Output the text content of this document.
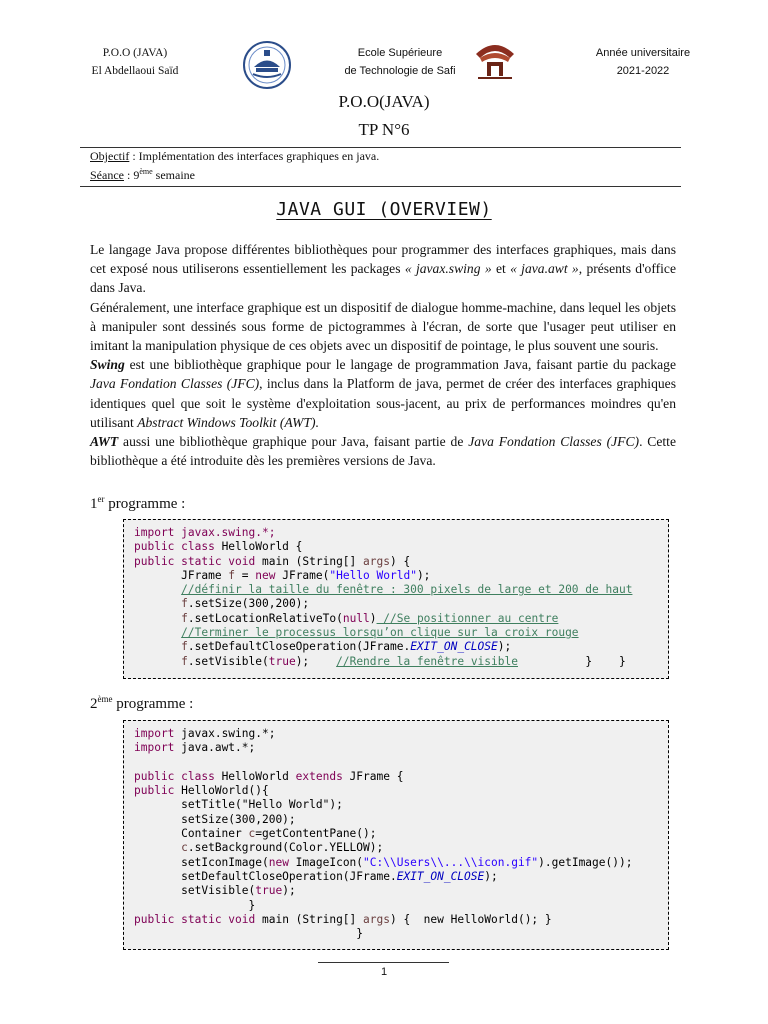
P.O.O (JAVA)
El Abdellaoui Saïd
Ecole Supérieure
de Technologie de Safi
Année universitaire
2021-2022
P.O.O(JAVA)
TP N°6
Objectif : Implémentation des interfaces graphiques en java.
Séance : 9ème semaine
JAVA GUI (OVERVIEW)

Le langage Java propose différentes bibliothèques pour programmer des interfaces graphiques, mais dans cet exposé nous utiliserons essentiellement les packages « javax.swing » et « java.awt », présents d'office dans Java.

Généralement, une interface graphique est un dispositif de dialogue homme-machine, dans lequel les objets à manipuler sont dessinés sous forme de pictogrammes à l'écran, de sorte que l'usager peut utiliser en imitant la manipulation physique de ces objets avec un dispositif de pointage, le plus souvent une souris.

Swing est une bibliothèque graphique pour le langage de programmation Java, faisant partie du package Java Fondation Classes (JFC), inclus dans la Platform de java, permet de créer des interfaces graphiques identiques quel que soit le système d'exploitation sous-jacent, au prix de performances moindres qu'en utilisant Abstract Windows Toolkit (AWT).

AWT aussi une bibliothèque graphique pour Java, faisant partie de Java Fondation Classes (JFC). Cette bibliothèque a été introduite dès les premières versions de Java.

1er programme :
import javax.swing.*;
public class HelloWorld {
public static void main (String[] args) {
JFrame f = new JFrame("Hello World");
//définir la taille du fenêtre : 300 pixels de large et 200 de haut
f.setSize(300,200);
f.setLocationRelativeTo(null) //Se positionner au centre
//Terminer le processus lorsqu’on clique sur la croix rouge
f.setDefaultCloseOperation(JFrame.EXIT_ON_CLOSE);
f.setVisible(true);    //Rendre la fenêtre visible          }    }
2ème programme :
import javax.swing.*;
import java.awt.*;

public class HelloWorld extends JFrame {
public HelloWorld(){
setTitle("Hello World");
setSize(300,200);
Container c=getContentPane();
c.setBackground(Color.YELLOW);
setIconImage(new ImageIcon("C:\\Users\\...\\icon.gif").getImage());
setDefaultCloseOperation(JFrame.EXIT_ON_CLOSE);
setVisible(true);
}
public static void main (String[] args) {  new HelloWorld(); }
}
1
